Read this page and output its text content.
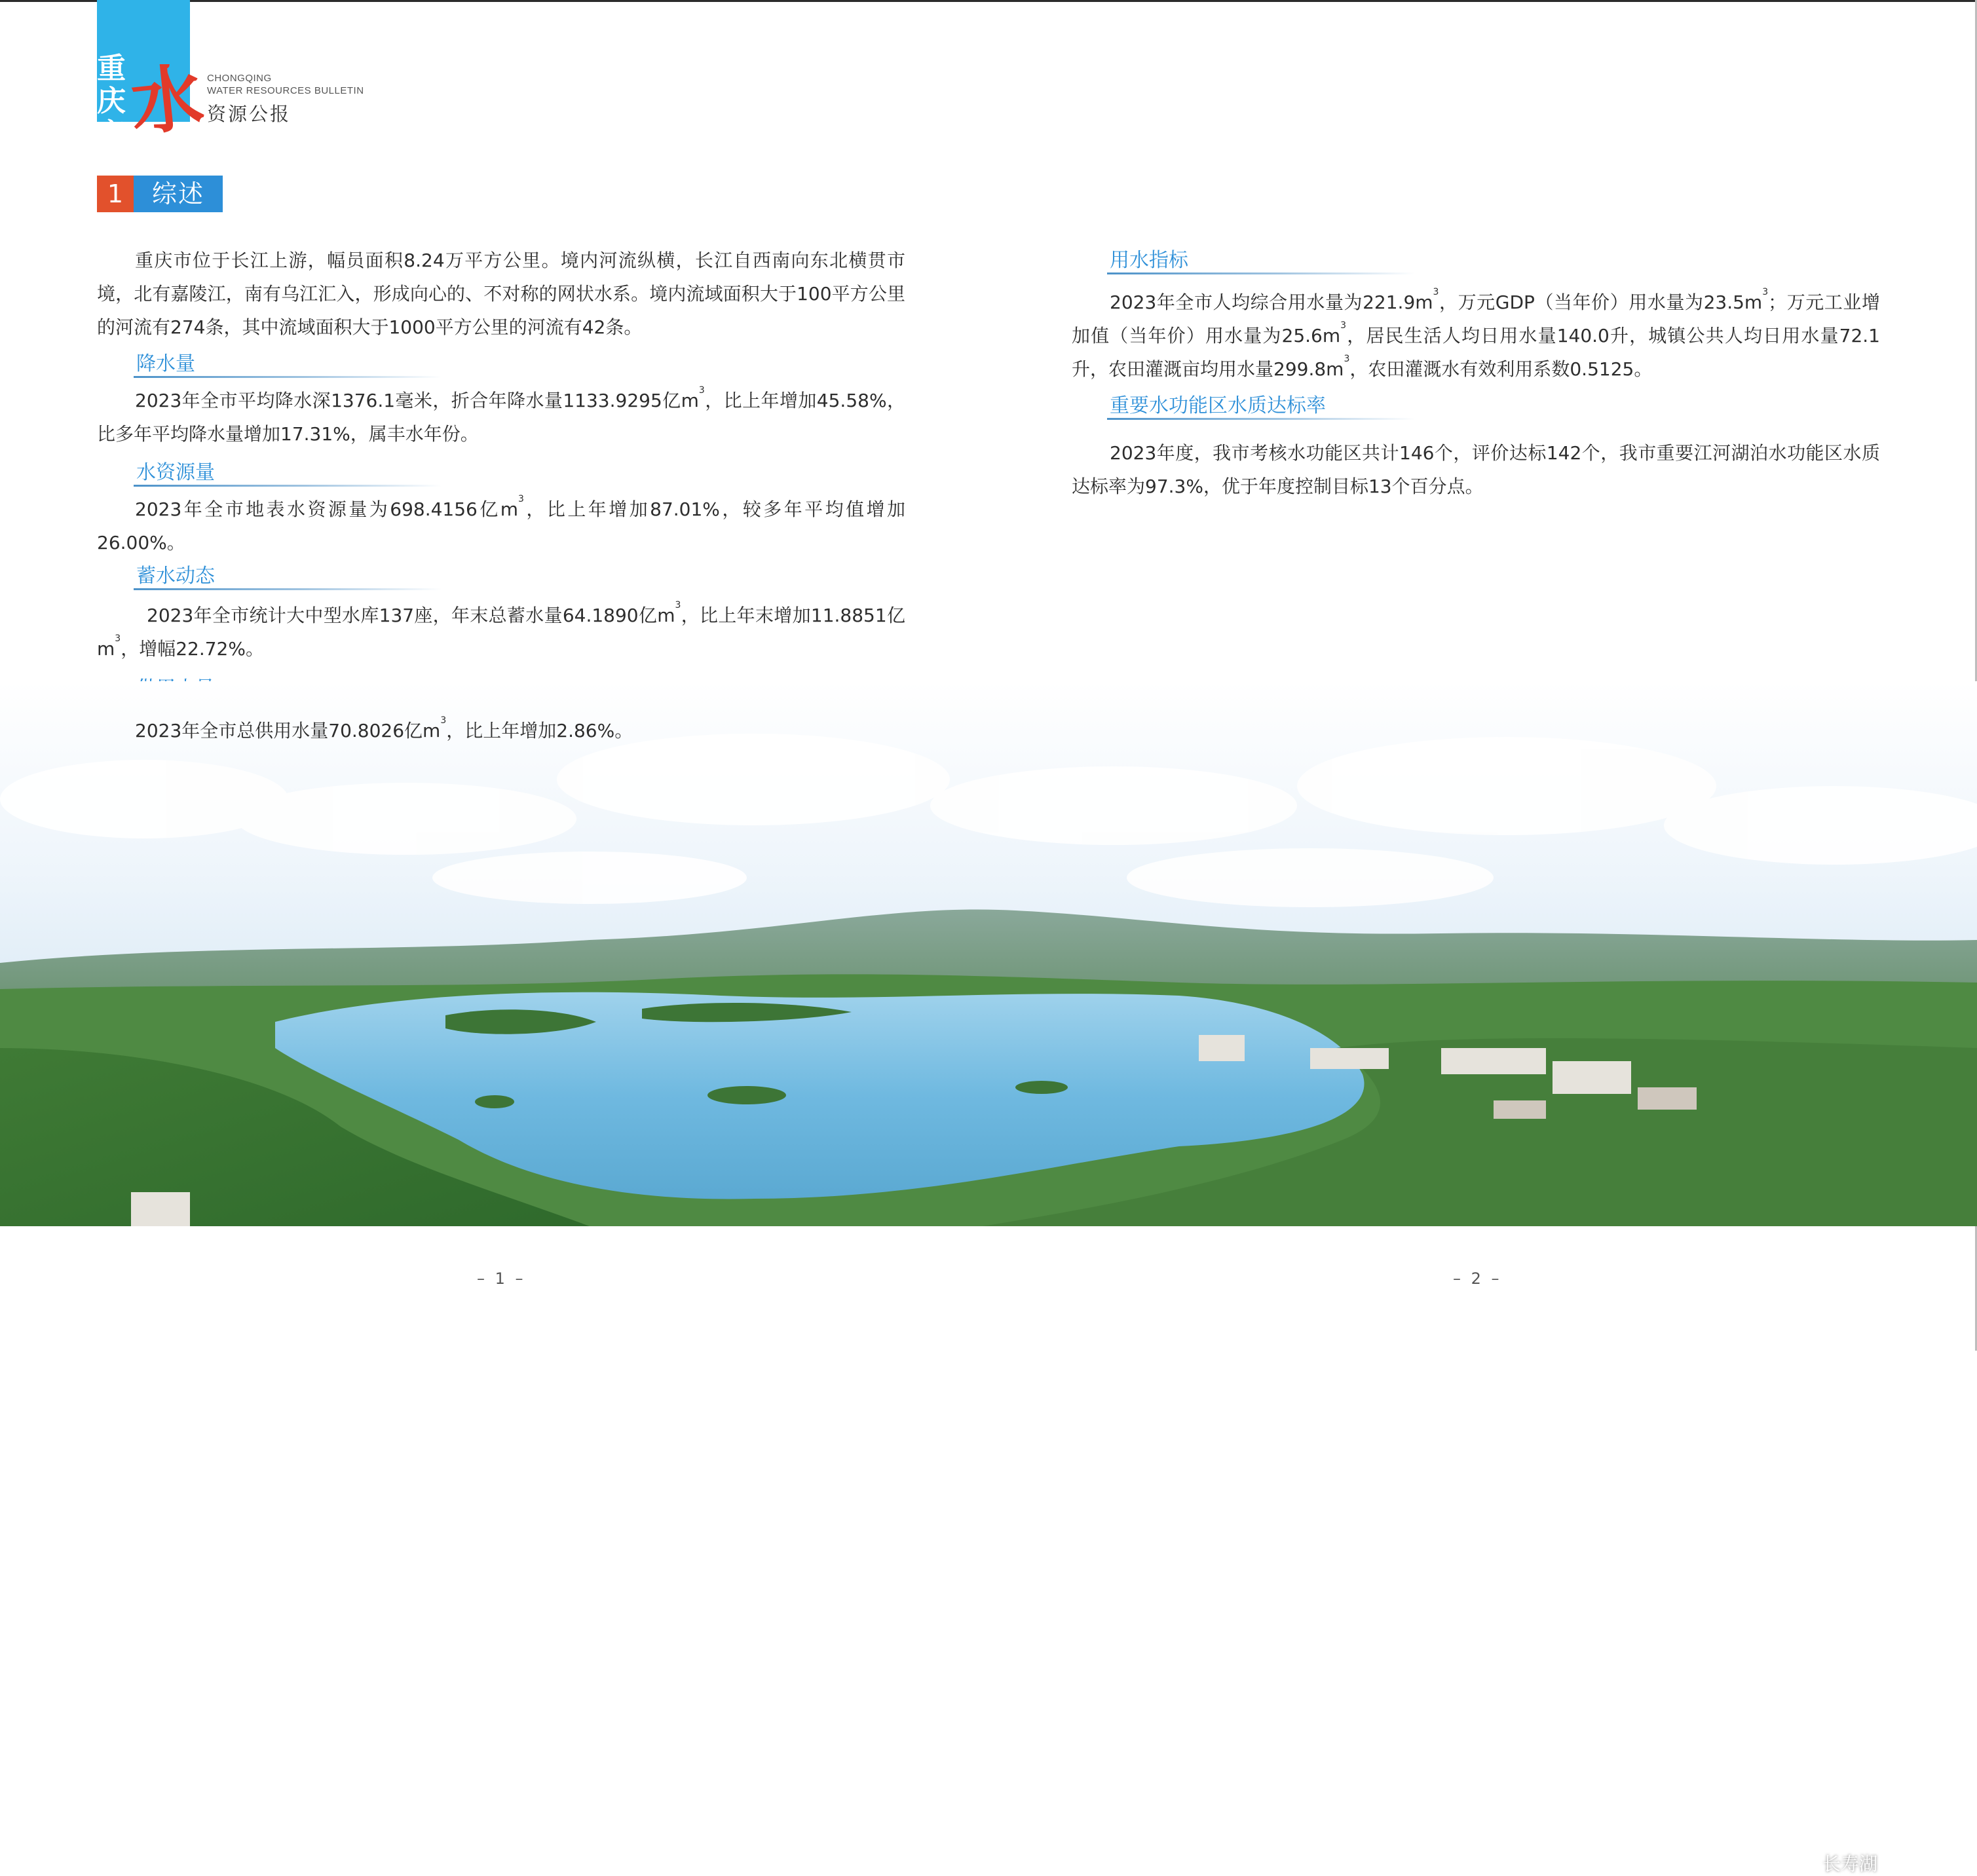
重庆
市 水 CHONGQING
WATER RESOURCES BULLETIN
资源公报
1	综述

重庆市位于长江上游，幅员面积8.24万平方公里。境内河流纵横，长江自西南向东北横贯市境，北有嘉陵江，南有乌江汇入，形成向心的、不对称的网状水系。境内流域面积大于100平方公里的河流有274条，其中流域面积大于1000平方公里的河流有42条。

降水量

2023年全市平均降水深1376.1毫米，折合年降水量1133.9295亿$m^3$，比上年增加45.58%，比多年平均降水量增加17.31%，属丰水年份。

水资源量

2023年全市地表水资源量为698.4156亿$m^3$，比上年增加87.01%，较多年平均值增加26.00%。

蓄水动态

2023年全市统计大中型水库137座，年末总蓄水量64.1890亿$m^3$，比上年末增加11.8851亿$m^3$，增幅22.72%。

2023年全市总供用水量70.8026亿$m^3$，比上年增加2.86%。

用水指标

2023年全市人均综合用水量为$221.9m^3$，万元GDP（当年价）用水量为$23.5m^3$；万元工业增加值（当年价）用水量为$25.6m^3$，居民生活人均日用水量140.0升，城镇公共人均日用水量72.1升，农田灌溉亩均用水量$299.8m^3$，农田灌溉水有效利用系数0.5125。

重要水功能区水质达标率

2023年度，我市考核水功能区共计146个，评价达标142个，我市重要江河湖泊水功能区水质达标率为97.3%，优于年度控制目标13个百分点。

长寿湖
– 1 –	– 2 –
